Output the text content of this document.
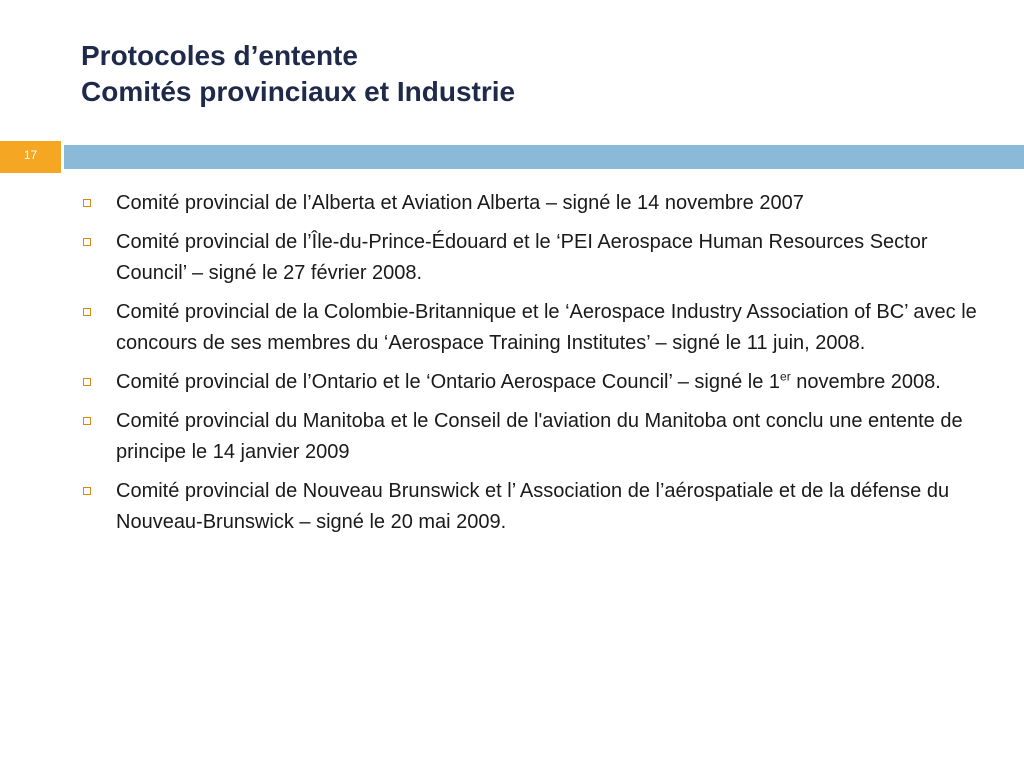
Protocoles d’entente
Comités provinciaux et Industrie
17
Comité provincial de l’Alberta et Aviation Alberta – signé le 14 novembre 2007
Comité provincial de l’Île-du-Prince-Édouard et le ‘PEI Aerospace Human Resources Sector Council’ – signé le 27 février 2008.
Comité provincial de la Colombie-Britannique et le ‘Aerospace Industry Association of BC’ avec le concours de ses membres du ‘Aerospace Training Institutes’ – signé le 11 juin, 2008.
Comité provincial de l’Ontario et le ‘Ontario Aerospace Council’ – signé le 1er novembre 2008.
Comité provincial du Manitoba et le Conseil de l'aviation du Manitoba ont conclu une entente de principe le 14 janvier 2009
Comité provincial de Nouveau Brunswick et l’ Association de l’aérospatiale et de la défense du Nouveau-Brunswick – signé le 20 mai 2009.
